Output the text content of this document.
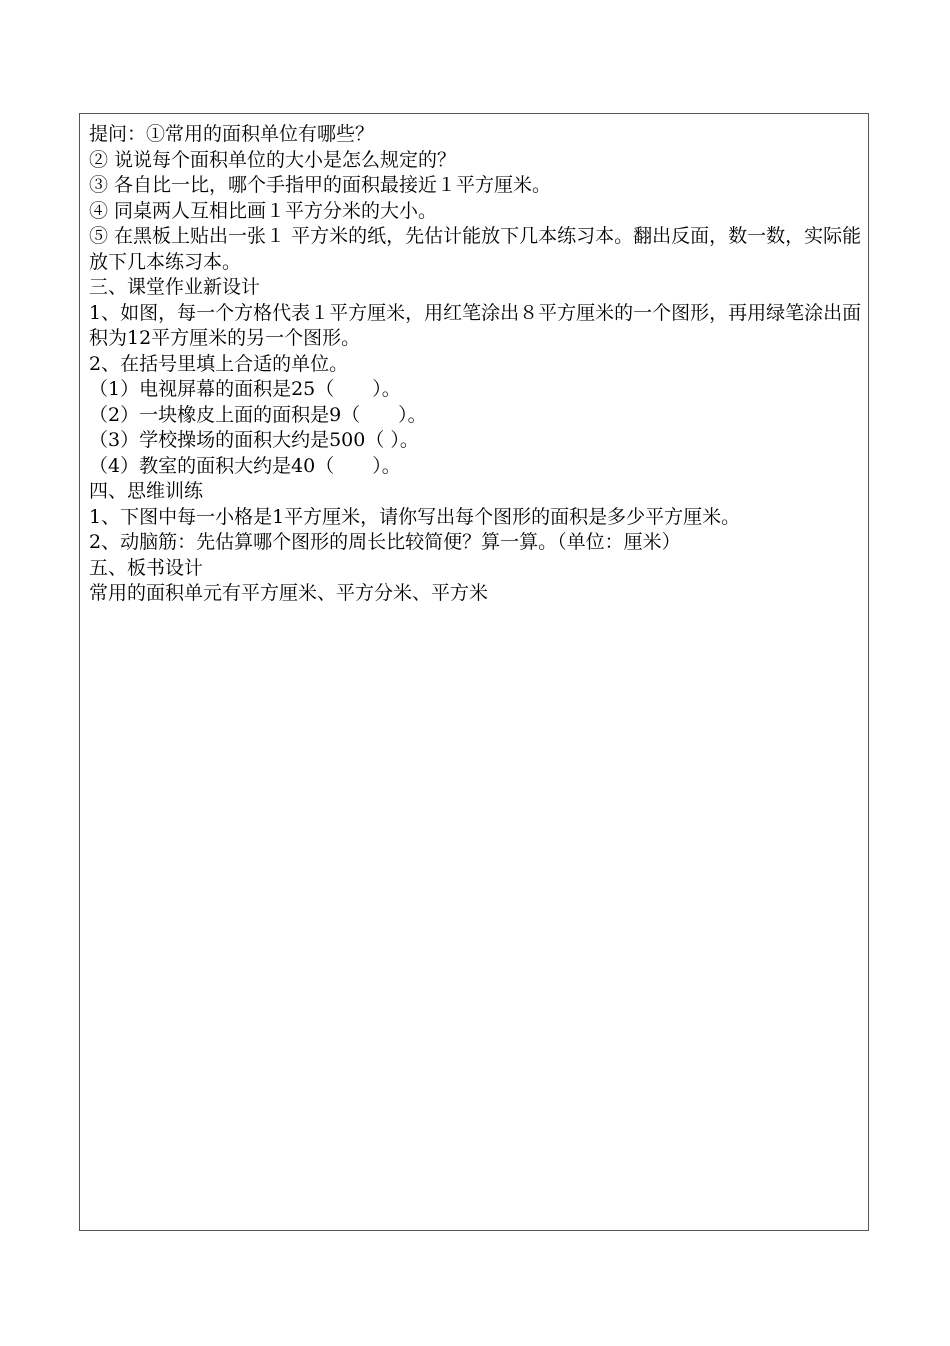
提问：①常用的面积单位有哪些？

② 说说每个面积单位的大小是怎么规定的？

③ 各自比一比，哪个手指甲的面积最接近１平方厘米。

④ 同桌两人互相比画１平方分米的大小。

⑤ 在黑板上贴出一张１ 平方米的纸，先估计能放下几本练习本。翻出反面，数一数，实际能放下几本练习本。

三、课堂作业新设计

1、如图，每一个方格代表１平方厘米，用红笔涂出８平方厘米的一个图形，再用绿笔涂出面积为12平方厘米的另一个图形。

2、在括号里填上合适的单位。

（1）电视屏幕的面积是25（　　）。

（2）一块橡皮上面的面积是9（　　）。

（3）学校操场的面积大约是500（ ）。

（4）教室的面积大约是40（　　）。

四、思维训练

1、下图中每一小格是1平方厘米，请你写出每个图形的面积是多少平方厘米。

2、动脑筋：先估算哪个图形的周长比较简便？算一算。（单位：厘米）

五、板书设计

常用的面积单元有平方厘米、平方分米、平方米
